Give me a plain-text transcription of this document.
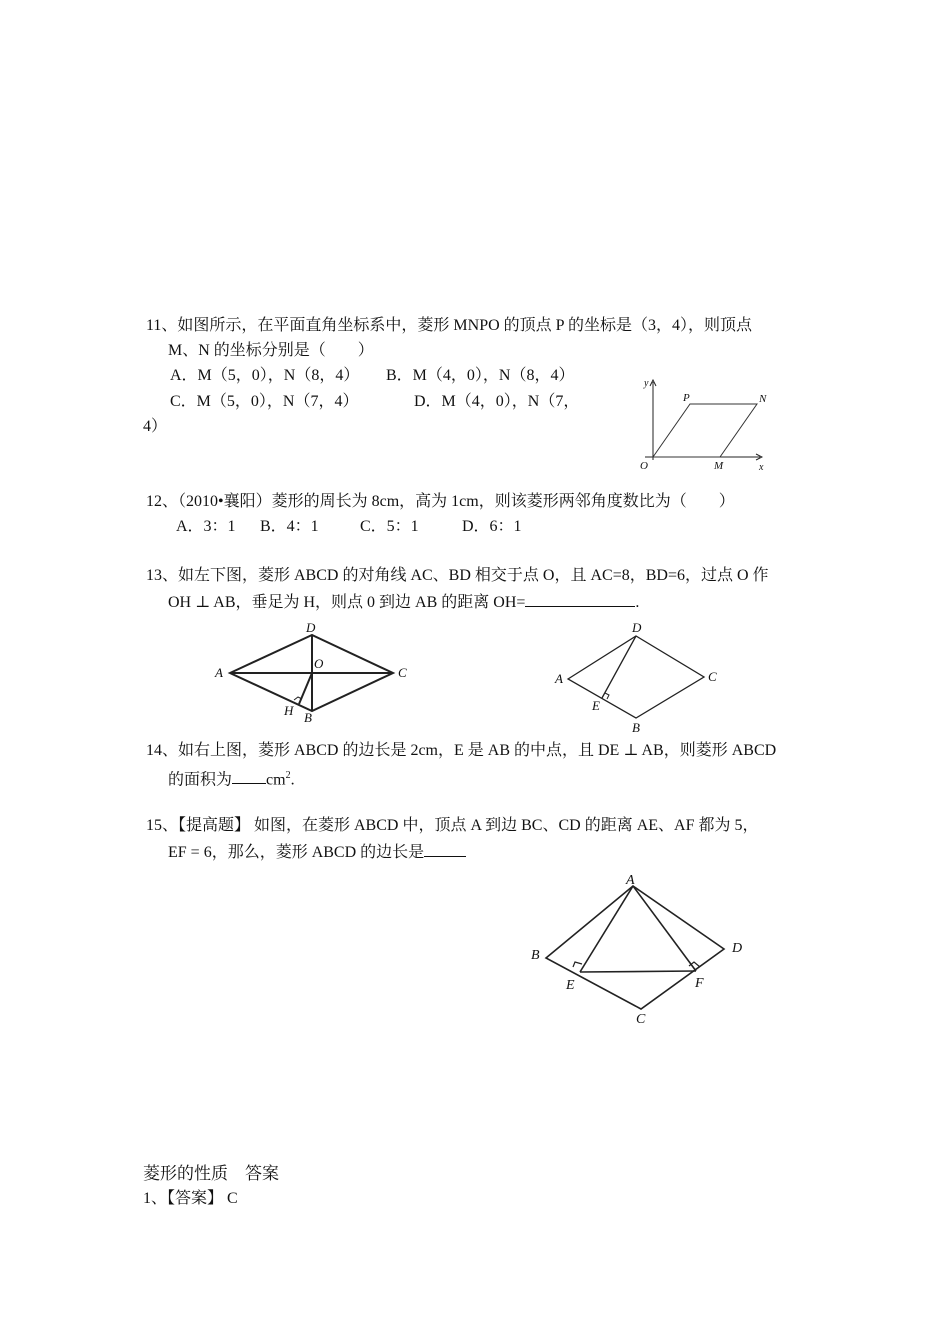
11、如图所示，在平面直角坐标系中，菱形 MNPO 的顶点 P 的坐标是（3，4），则顶点
M、N 的坐标分别是（　　）
A．M（5，0），N（8，4） B．M（4，0），N（8，4）
C．M（5，0），N（7，4）	D．M（4，0），N（7，
4）
y
x
O	M
P	N
12、（2010•襄阳）菱形的周长为 8cm，高为 1cm，则该菱形两邻角度数比为（　　）
A．3：1 B．4：1	C．5：1	D．6：1
13、如左下图，菱形 ABCD 的对角线 AC、BD 相交于点 O，且 AC=8，BD=6，过点 O 作
OH ⊥ AB，垂足为 H，则点 0 到边 AB 的距离 OH=	.
D
A
O
C
H B
D
A	C
E
B
14、如右上图，菱形 ABCD 的边长是 2cm，E 是 AB 的中点，且 DE ⊥ AB，则菱形 ABCD
的面积为 $cm^2$.
15、【提高题】 如图，在菱形 ABCD 中，顶点 A 到边 BC、CD 的距离 AE、AF 都为 5，
EF = 6，那么，菱形 ABCD 的边长是
A
B	D
E	F
C
菱形的性质　答案
1、【答案】 C
